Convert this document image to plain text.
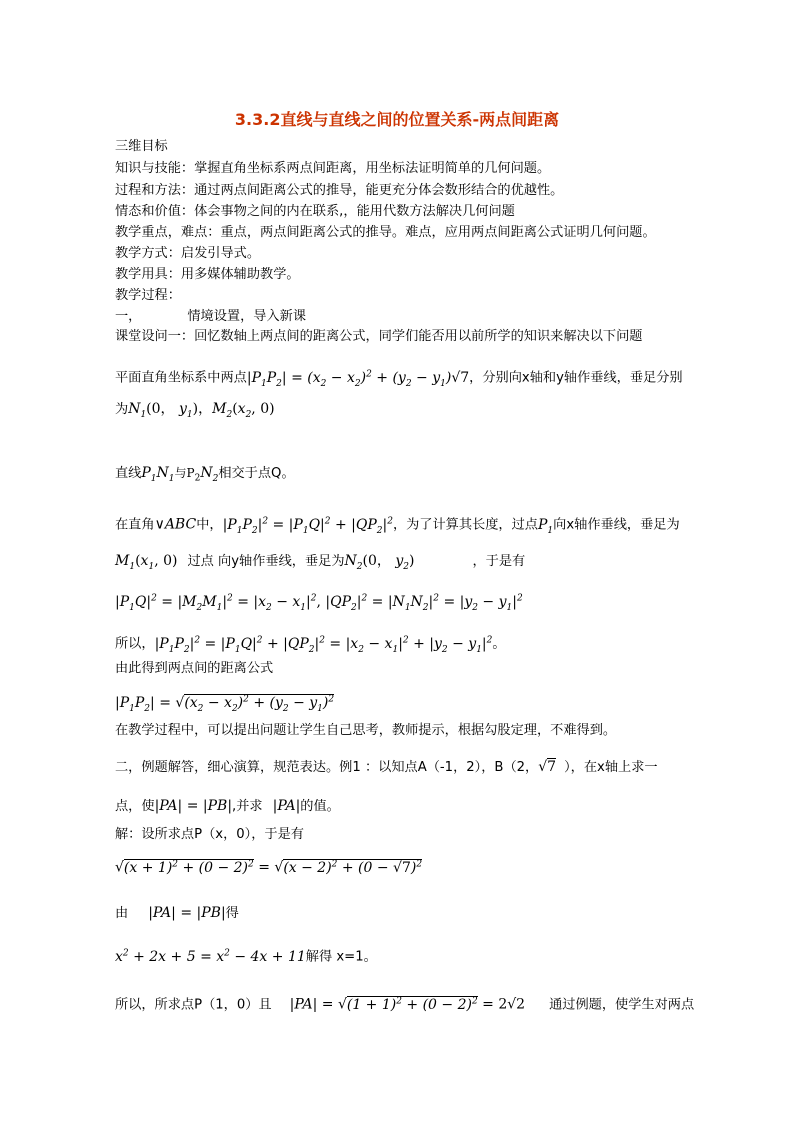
3.3.2直线与直线之间的位置关系-两点间距离
三维目标
知识与技能：掌握直角坐标系两点间距离，用坐标法证明简单的几何问题。
过程和方法：通过两点间距离公式的推导，能更充分体会数形结合的优越性。
情态和价值：体会事物之间的内在联系,，能用代数方法解决几何问题
教学重点，难点：重点，两点间距离公式的推导。难点，应用两点间距离公式证明几何问题。
教学方式：启发引导式。
教学用具：用多媒体辅助教学。
教学过程：
一，	情境设置，导入新课
课堂设问一：回忆数轴上两点间的距离公式，同学们能否用以前所学的知识来解决以下问题
平面直角坐标系中两点$|P_1P_2| = (x_2 - x_2)^2 + (y_2 - y_1)√7$，分别向x轴和y轴作垂线，垂足分别
为$N_1(0$， $y_1$)，$M_2(x_2$, 0)
直线$P_1N_1$与$P_2N_2$相交于点Q。
在直角∨ABC中，$|P_1P_2|^2 = |P_1Q|^2 + |QP_2|^2$，为了计算其长度，过点$P_1$向x轴作垂线，垂足为
$M_1(x_1$, 0) 过点 向y轴作垂线，垂足为$N_2(0$， $y_2$)	，于是有
$|P_1Q|^2 = |M_2M_1|^2 = |x_2 - x_1|^2$, $|QP_2|^2 = |N_1N_2|^2 = |y_2 - y_1|^2$
所以，$|P_1P_2|^2 = |P_1Q|^2 + |QP_2|^2 = |x_2 - x_1|^2 + |y_2 - y_1|^2$。
由此得到两点间的距离公式
$|P_1P_2| = √(x_2 - x_2)^2 + (y_2 - y_1)^2$
在教学过程中，可以提出问题让学生自己思考，教师提示，根据勾股定理，不难得到。
二，例题解答，细心演算，规范表达。例1 ：以知点A（-1，2），B（2，√7 ），在x轴上求一
点，使|PA| = |PB|,并求 |PA|的值。
解：设所求点P（x，0），于是有
$√(x + 1)^2 + (0 - 2)^2 = √(x - 2)^2 + (0 - √7)^2$
由 |PA| = |PB|得
$x^2 + 2x + 5 = x^2 - 4x + 11$解得 x=1。
所以，所求点P（1，0）且 $|PA| = √(1 + 1)^2 + (0 - 2)^2 = 2√2$ 通过例题，使学生对两点
